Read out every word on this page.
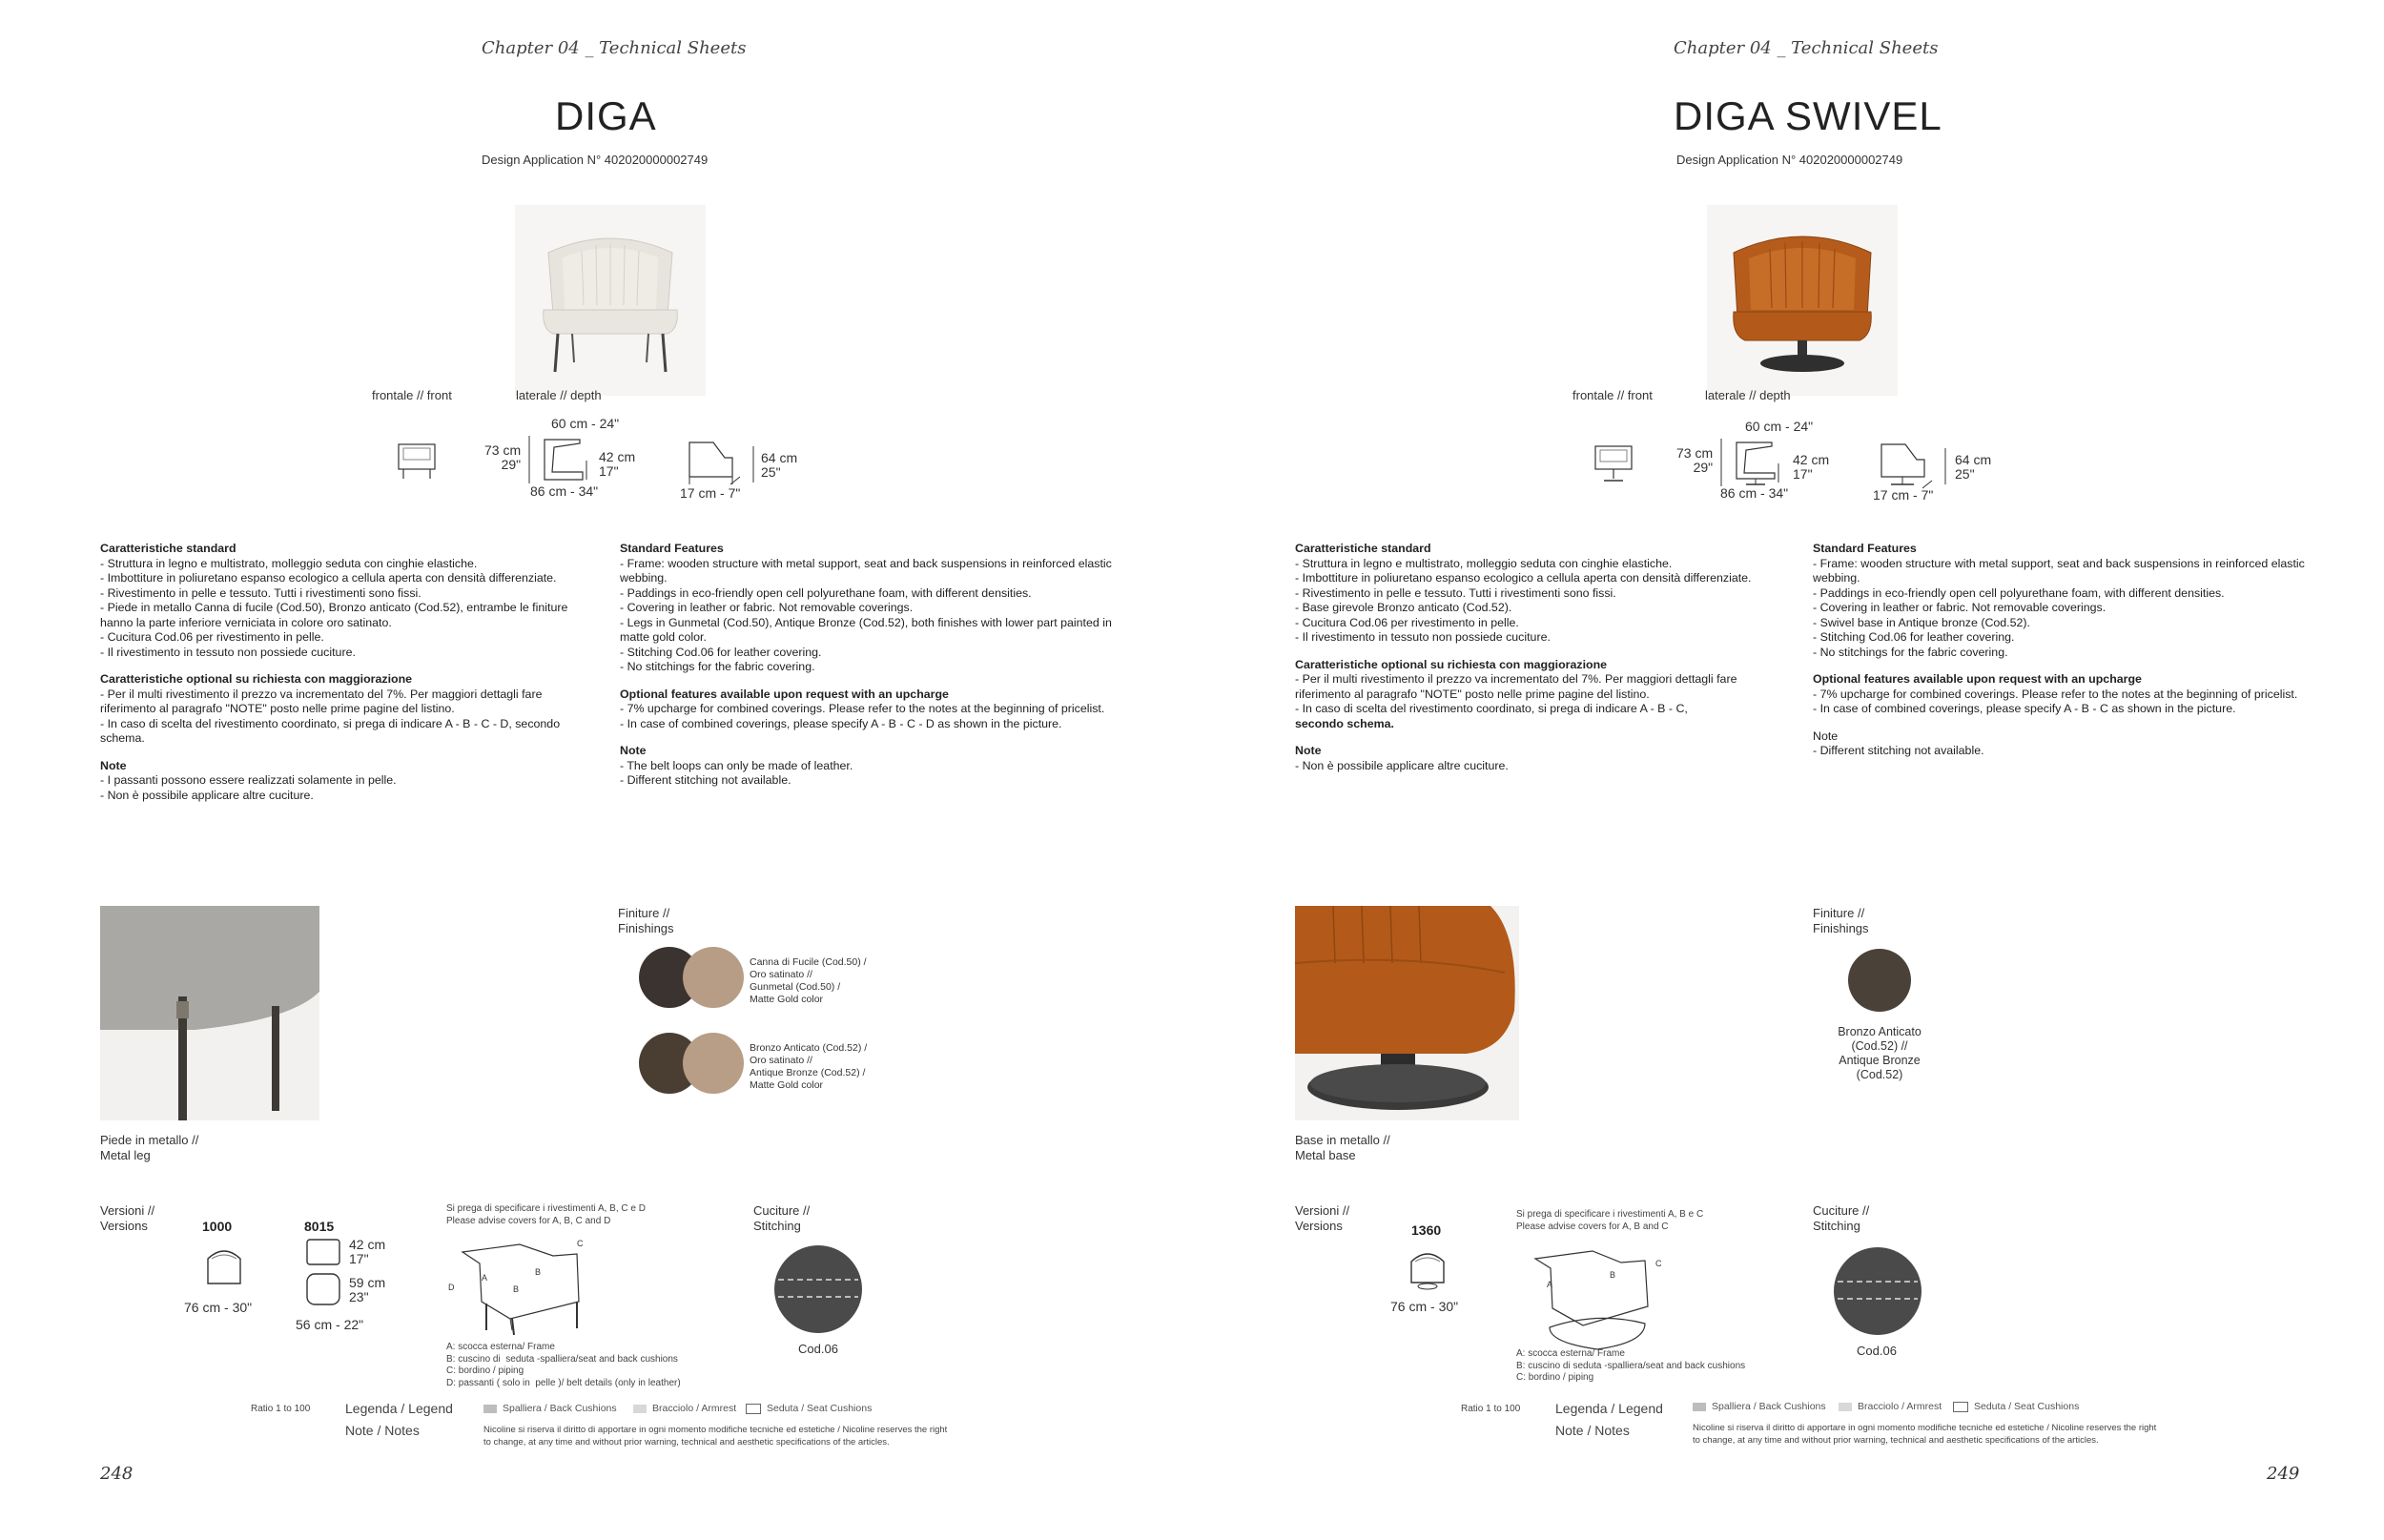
Chapter 04 _ Technical Sheets
DIGA
Design Application N° 402020000002749
frontale // front	laterale // depth
60 cm - 24"
73 cm
29"	42 cm
17"
86 cm - 34"	17 cm - 7"
64 cm
25"
Caratteristiche standard
- Struttura in legno e multistrato, molleggio seduta con cinghie elastiche.
- Imbottiture in poliuretano espanso ecologico a cellula aperta con densità differenziate.
- Rivestimento in pelle e tessuto. Tutti i rivestimenti sono fissi.
- Piede in metallo Canna di fucile (Cod.50), Bronzo anticato (Cod.52), entrambe le finiture hanno la parte inferiore verniciata in colore oro satinato.
- Cucitura Cod.06 per rivestimento in pelle.
- Il rivestimento in tessuto non possiede cuciture.
Caratteristiche optional su richiesta con maggiorazione
- Per il multi rivestimento il prezzo va incrementato del 7%. Per maggiori dettagli fare riferimento al paragrafo "NOTE" posto nelle prime pagine del listino.
- In caso di scelta del rivestimento coordinato, si prega di indicare A - B - C - D, secondo schema.
Note
- I passanti possono essere realizzati solamente in pelle.
- Non è possibile applicare altre cuciture.
Standard Features
- Frame: wooden structure with metal support, seat and back suspensions in reinforced elastic webbing.
- Paddings in eco-friendly open cell polyurethane foam, with different densities.
- Covering in leather or fabric. Not removable coverings.
- Legs in Gunmetal (Cod.50), Antique Bronze (Cod.52), both finishes with lower part painted in matte gold color.
- Stitching Cod.06 for leather covering.
- No stitchings for the fabric covering.
Optional features available upon request with an upcharge
- 7% upcharge for combined coverings. Please refer to the notes at the beginning of pricelist.
- In case of combined coverings, please specify A - B - C - D as shown in the picture.
Note
- The belt loops can only be made of leather.
- Different stitching not available.
Piede in metallo //
Metal leg
Finiture //
Finishings
Canna di Fucile (Cod.50) /
Oro satinato //
Gunmetal (Cod.50) /
Matte Gold color
Bronzo Anticato (Cod.52) /
Oro satinato //
Antique Bronze (Cod.52) /
Matte Gold color
Versioni //
Versions	1000
76 cm - 30"
8015
42 cm
17"
59 cm
23"
56 cm - 22"
Si prega di specificare i rivestimenti A, B, C e D
Please advise covers for A, B, C and D
A
B
B
C
D
A: scocca esterna/ Frame
B: cuscino di  seduta -spalliera/seat and back cushions
C: bordino / piping
D: passanti ( solo in  pelle )/ belt details (only in leather)
Cuciture //
Stitching
Cod.06
Ratio 1 to 100	Legenda / Legend
Note / Notes
Spalliera / Back Cushions	Bracciolo / Armrest	Seduta / Seat Cushions
Nicoline si riserva il diritto di apportare in ogni momento modifiche tecniche ed estetiche / Nicoline reserves the right
to change, at any time and without prior warning, technical and aesthetic specifications of the articles.
248
Chapter 04 _ Technical Sheets
DIGA SWIVEL
Design Application N° 402020000002749
frontale // front	laterale // depth
60 cm - 24"
73 cm
29"	42 cm
17"
86 cm - 34"	17 cm - 7"
64 cm
25"
Caratteristiche standard
- Struttura in legno e multistrato, molleggio seduta con cinghie elastiche.
- Imbottiture in poliuretano espanso ecologico a cellula aperta con densità differenziate.
- Rivestimento in pelle e tessuto. Tutti i rivestimenti sono fissi.
- Base girevole Bronzo anticato (Cod.52).
- Cucitura Cod.06 per rivestimento in pelle.
- Il rivestimento in tessuto non possiede cuciture.
Caratteristiche optional su richiesta con maggiorazione
- Per il multi rivestimento il prezzo va incrementato del 7%. Per maggiori dettagli fare riferimento al paragrafo "NOTE" posto nelle prime pagine del listino.
- In caso di scelta del rivestimento coordinato, si prega di indicare A - B - C,
secondo schema.
Note
- Non è possibile applicare altre cuciture.
Standard Features
- Frame: wooden structure with metal support, seat and back suspensions in reinforced elastic webbing.
- Paddings in eco-friendly open cell polyurethane foam, with different densities.
- Covering in leather or fabric. Not removable coverings.
- Swivel base in Antique bronze (Cod.52).
- Stitching Cod.06 for leather covering.
- No stitchings for the fabric covering.
Optional features available upon request with an upcharge
- 7% upcharge for combined coverings. Please refer to the notes at the beginning of pricelist.
- In case of combined coverings, please specify A - B - C as shown in the picture.
Note
- Different stitching not available.
Base in metallo //
Metal base
Finiture //
Finishings
Bronzo Anticato
(Cod.52) //
Antique Bronze
(Cod.52)
Versioni //
Versions	1360
76 cm - 30"
Si prega di specificare i rivestimenti A, B e C
Please advise covers for A, B and C
A
B
C
A: scocca esterna/ Frame
B: cuscino di seduta -spalliera/seat and back cushions
C: bordino / piping
Cuciture //
Stitching
Cod.06
Ratio 1 to 100	Legenda / Legend
Note / Notes
Spalliera / Back Cushions	Bracciolo / Armrest	Seduta / Seat Cushions
Nicoline si riserva il diritto di apportare in ogni momento modifiche tecniche ed estetiche / Nicoline reserves the right
to change, at any time and without prior warning, technical and aesthetic specifications of the articles.
249
